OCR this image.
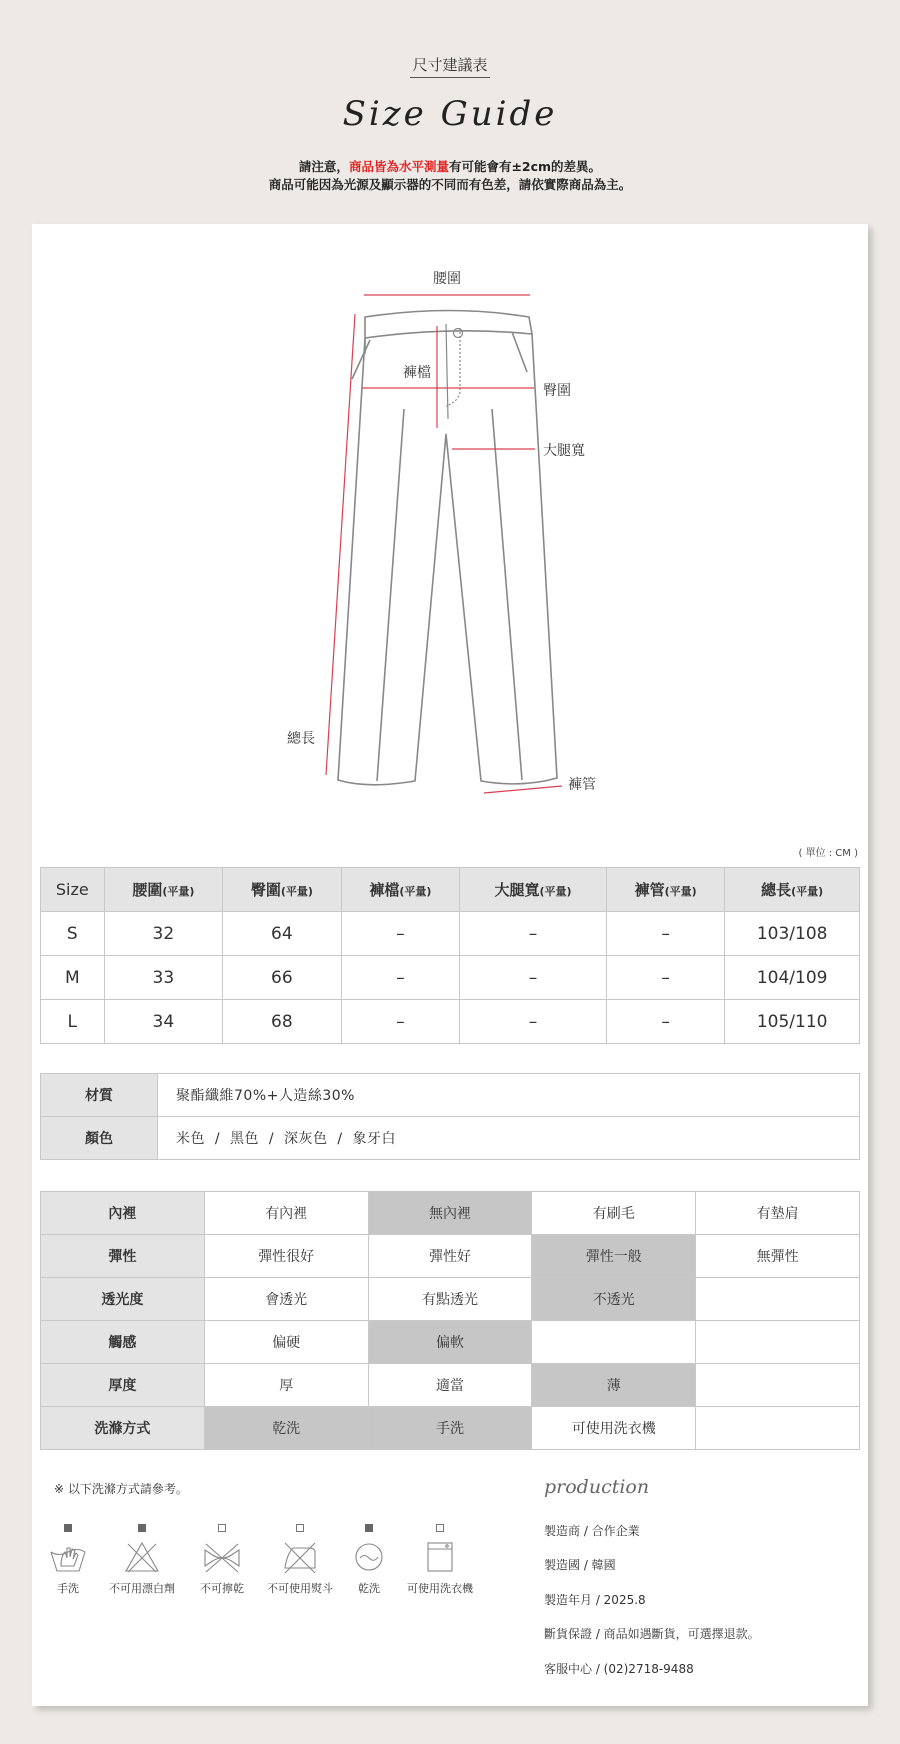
尺寸建議表
Size Guide
請注意，商品皆為水平測量有可能會有±2cm的差異。
商品可能因為光源及顯示器的不同而有色差，請依實際商品為主。
腰圍
褲檔
臀圍
大腿寬
總長
褲管
( 單位 : CM )
Size	腰圍(平量)	臀圍(平量)	褲檔(平量)	大腿寬(平量)	褲管(平量)	總長(平量)
S	32	64	–	–	–	103/108
M	33	66	–	–	–	104/109
L	34	68	–	–	–	105/110
材質	聚酯纖維70%+人造絲30%
顏色	米色  /  黑色  /  深灰色  /  象牙白
內裡	有內裡	無內裡	有刷毛	有墊肩
彈性	彈性很好	彈性好	彈性一般	無彈性
透光度	會透光	有點透光	不透光	
觸感	偏硬	偏軟		
厚度	厚	適當	薄	
洗滌方式	乾洗	手洗	可使用洗衣機	
※ 以下洗滌方式請參考。
手洗	不可用漂白劑	不可擰乾	不可使用熨斗	乾洗	可使用洗衣機
production
製造商 / 合作企業
製造國 / 韓國
製造年月 / 2025.8
斷貨保證 / 商品如遇斷貨，可選擇退款。
客服中心 / (02)2718-9488
